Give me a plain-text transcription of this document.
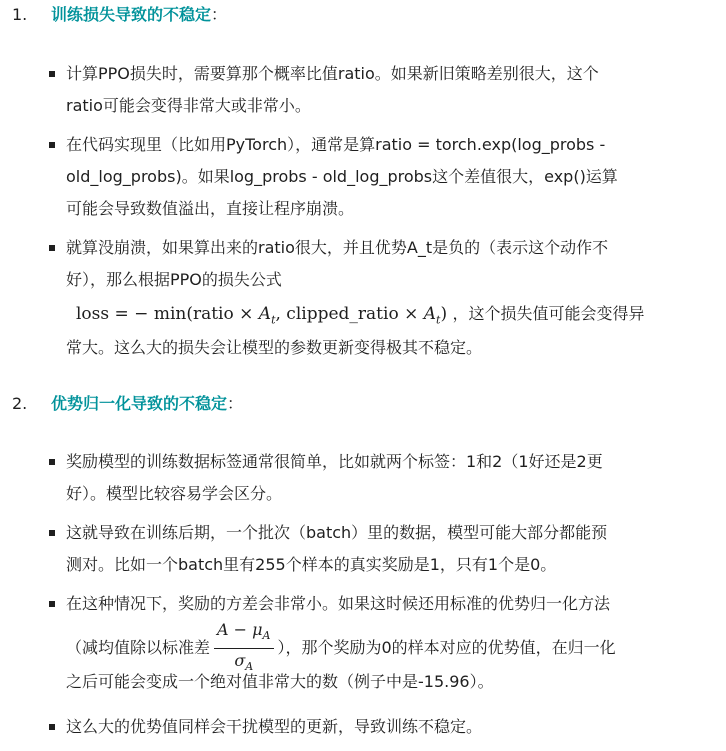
1. 训练损失导致的不稳定：
计算PPO损失时，需要算那个概率比值ratio。如果新旧策略差别很大，这个
ratio可能会变得非常大或非常小。
在代码实现里（比如用PyTorch），通常是算ratio = torch.exp(log_probs -
old_log_probs)。如果log_probs - old_log_probs这个差值很大，exp()运算
可能会导致数值溢出，直接让程序崩溃。
就算没崩溃，如果算出来的ratio很大，并且优势A_t是负的（表示这个动作不
好），那么根据PPO的损失公式
loss = − min(ratio × $A_t$, clipped_ratio × $A_t$) ，这个损失值可能会变得异
常大。这么大的损失会让模型的参数更新变得极其不稳定。
2. 优势归一化导致的不稳定：
奖励模型的训练数据标签通常很简单，比如就两个标签：1和2（1好还是2更
好）。模型比较容易学会区分。
这就导致在训练后期，一个批次（batch）里的数据，模型可能大部分都能预
测对。比如一个batch里有255个样本的真实奖励是1，只有1个是0。
在这种情况下，奖励的方差会非常小。如果这时候还用标准的优势归一化方法
（减均值除以标准差 $\frac{A - \mu_A}{\sigma_A}$ ），那个奖励为0的样本对应的优势值，在归一化
之后可能会变成一个绝对值非常大的数（例子中是-15.96）。
这么大的优势值同样会干扰模型的更新，导致训练不稳定。
